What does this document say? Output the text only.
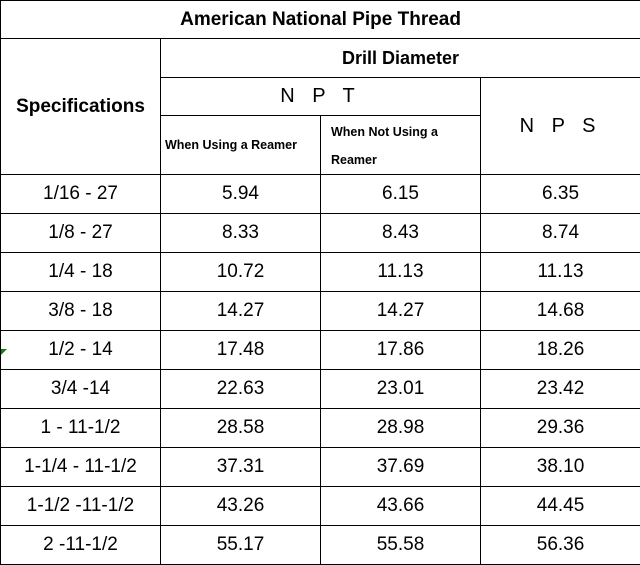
American National Pipe Thread			
Specifications	Drill Diameter		
	N P T		N P S
	When Using a Reamer	When Not Using a Reamer	
1/16 - 27	5.94	6.15	6.35
1/8 - 27	8.33	8.43	8.74
1/4 - 18	10.72	11.13	11.13
3/8 - 18	14.27	14.27	14.68
1/2 - 14	17.48	17.86	18.26
3/4 -14	22.63	23.01	23.42
1 - 11-1/2	28.58	28.98	29.36
1-1/4 - 11-1/2	37.31	37.69	38.10
1-1/2 -11-1/2	43.26	43.66	44.45
2 -11-1/2	55.17	55.58	56.36
